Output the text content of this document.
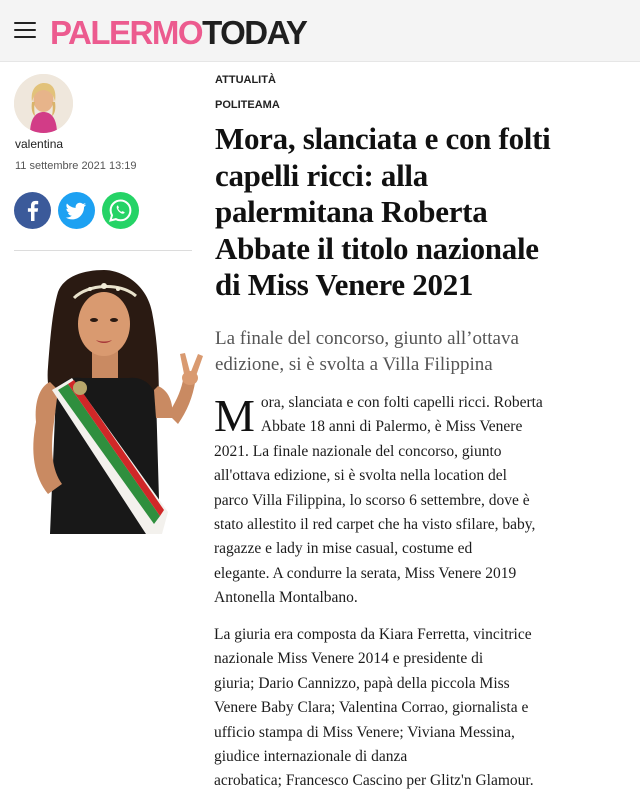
PALERMO TODAY
valentina
11 settembre 2021 13:19
ATTUALITÀ
POLITEAMA
Mora, slanciata e con folti
capelli ricci: alla
palermitana Roberta
Abbate il titolo nazionale
di Miss Venere 2021
La finale del concorso, giunto all’ottava
edizione, si è svolta a Villa Filippina
M ora, slanciata e con folti capelli ricci. Roberta
Abbate 18 anni di Palermo, è Miss Venere
2021. La finale nazionale del concorso, giunto
all'ottava edizione, si è svolta nella location del
parco Villa Filippina, lo scorso 6 settembre, dove è
stato allestito il red carpet che ha visto sfilare, baby,
ragazze e lady in mise casual, costume ed
elegante. A condurre la serata, Miss Venere 2019
Antonella Montalbano.
La giuria era composta da Kiara Ferretta, vincitrice
nazionale Miss Venere 2014 e presidente di
giuria; Dario Cannizzo, papà della piccola Miss
Venere Baby Clara; Valentina Corrao, giornalista e
ufficio stampa di Miss Venere; Viviana Messina,
giudice internazionale di danza
acrobatica; Francesco Cascino per Glitz'n Glamour.
